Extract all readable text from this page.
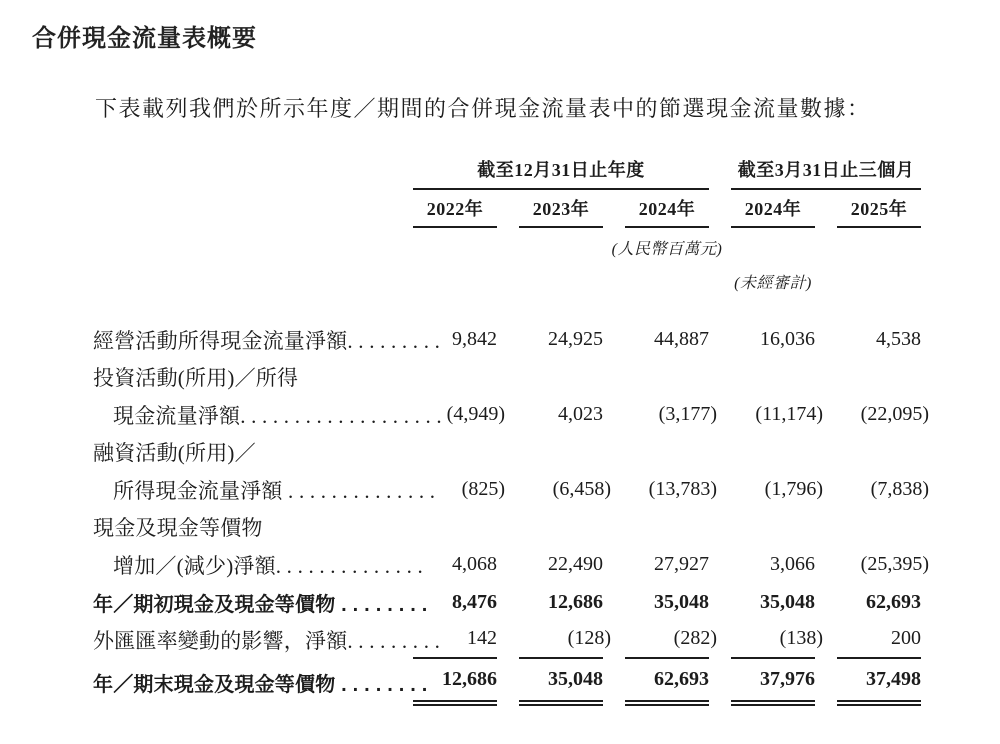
合併現金流量表概要
下表載列我們於所示年度／期間的合併現金流量表中的節選現金流量數據：
截至12月31日止年度	截至3月31日止三個月
2022年	2023年	2024年	2024年	2025年
(人民幣百萬元)
(未經審計)
經營活動所得現金流量淨額. . . . . . . . . 9,842	24,925	44,887	16,036	4,538
投資活動(所用)／所得
現金流量淨額. . . . . . . . . . . . . . . . . . . (4,949)	4,023	(3,177) (11,174) (22,095)
融資活動(所用)／
所得現金流量淨額 . . . . . . . . . . . . . . (825) (6,458) (13,783) (1,796) (7,838)
現金及現金等價物
增加／(減少)淨額. . . . . . . . . . . . . . 4,068	22,490	27,927	3,066 (25,395)
年／期初現金及現金等價物 . . . . . . . . 8,476	12,686	35,048	35,048	62,693
外匯匯率變動的影響，淨額. . . . . . . . . 142	(128)	(282)	(138)	200
年／期末現金及現金等價物 . . . . . . . . 12,686	35,048	62,693	37,976	37,498
